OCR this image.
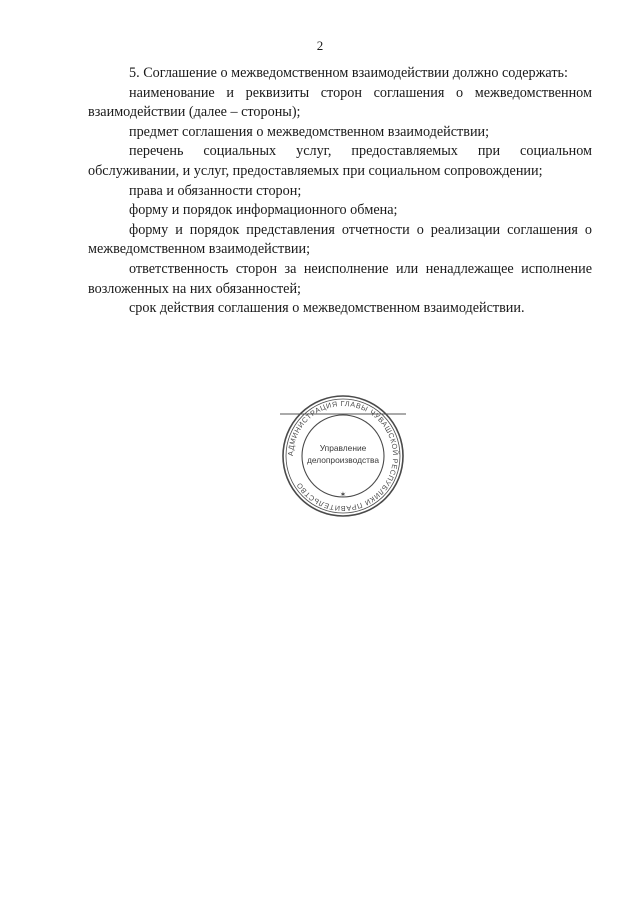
2

5. Соглашение о межведомственном взаимодействии должно содержать:

наименование и реквизиты сторон соглашения о межведомственном взаимодействии (далее – стороны);

предмет соглашения о межведомственном взаимодействии;

перечень социальных услуг, предоставляемых при социальном обслуживании, и услуг, предоставляемых при социальном сопровождении;

права и обязанности сторон;

форму и порядок информационного обмена;

форму и порядок представления отчетности о реализации соглашения о межведомственном взаимодействии;

ответственность сторон за неисполнение или ненадлежащее исполнение возложенных на них обязанностей;

срок действия соглашения о межведомственном взаимодействии.

АДМИНИСТРАЦИЯ ГЛАВЫ ЧУВАШСКОЙ РЕСПУБЛИКИ ПРАВИТЕЛЬСТВО
✶
Управление
делопроизводства
